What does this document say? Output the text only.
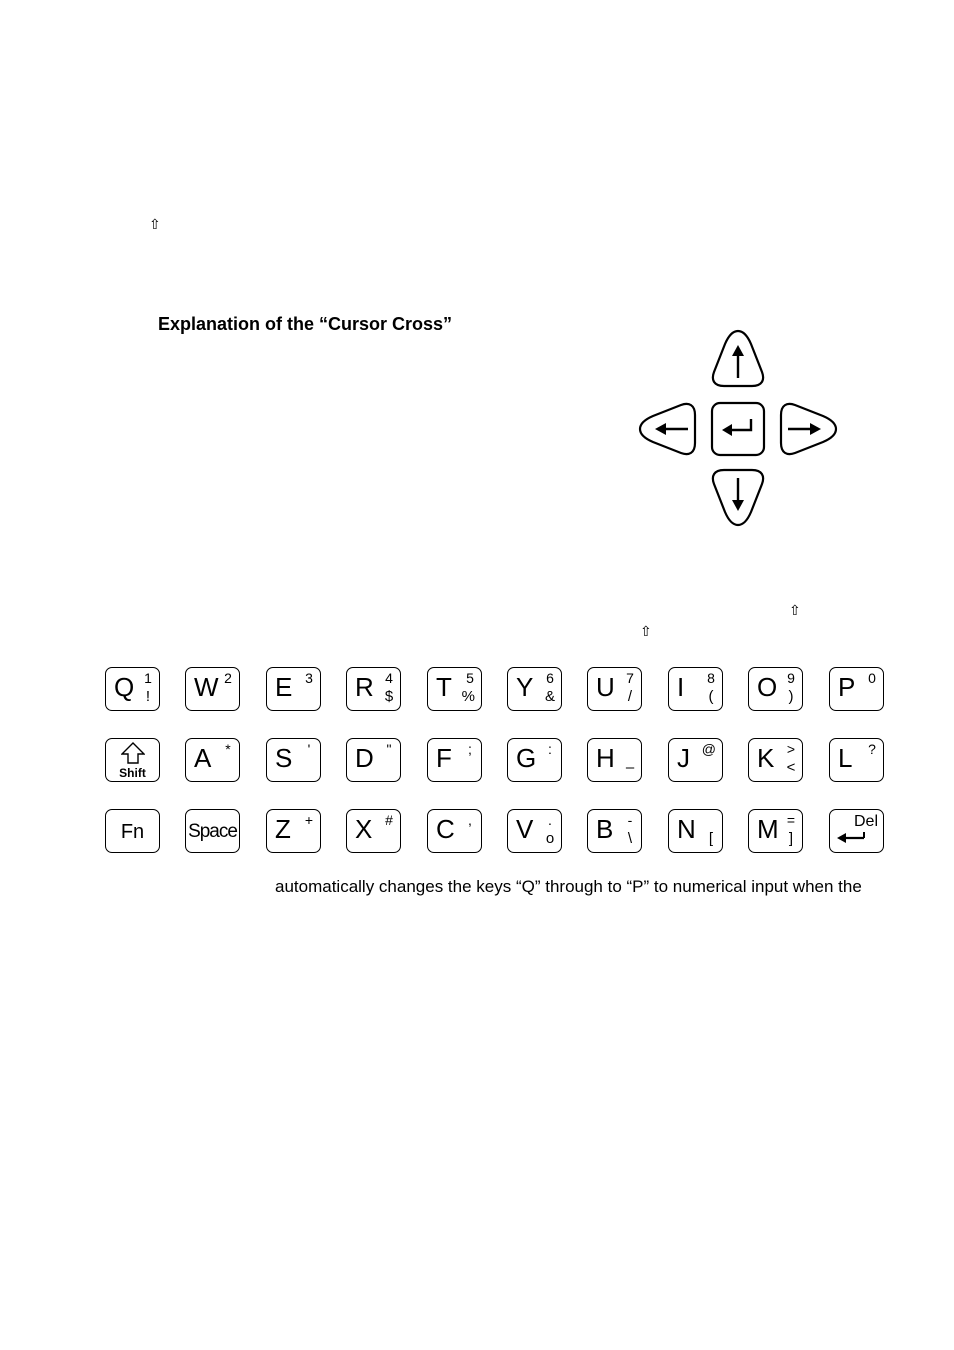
⇧
⇧
⇧
Explanation of the “Cursor Cross”
Q 1
! W 2 E 3 R 4
$ T 5
% Y 6
& U 7
/ I 8
( O 9
) P 0
Shift	A * S ' D " F ; G : H – J @ K >
< L ?
Fn	Space Z + X # C , V .
o B -
\ N [ M =
]
Del
automatically changes the keys “Q” through to “P” to numerical input when the
